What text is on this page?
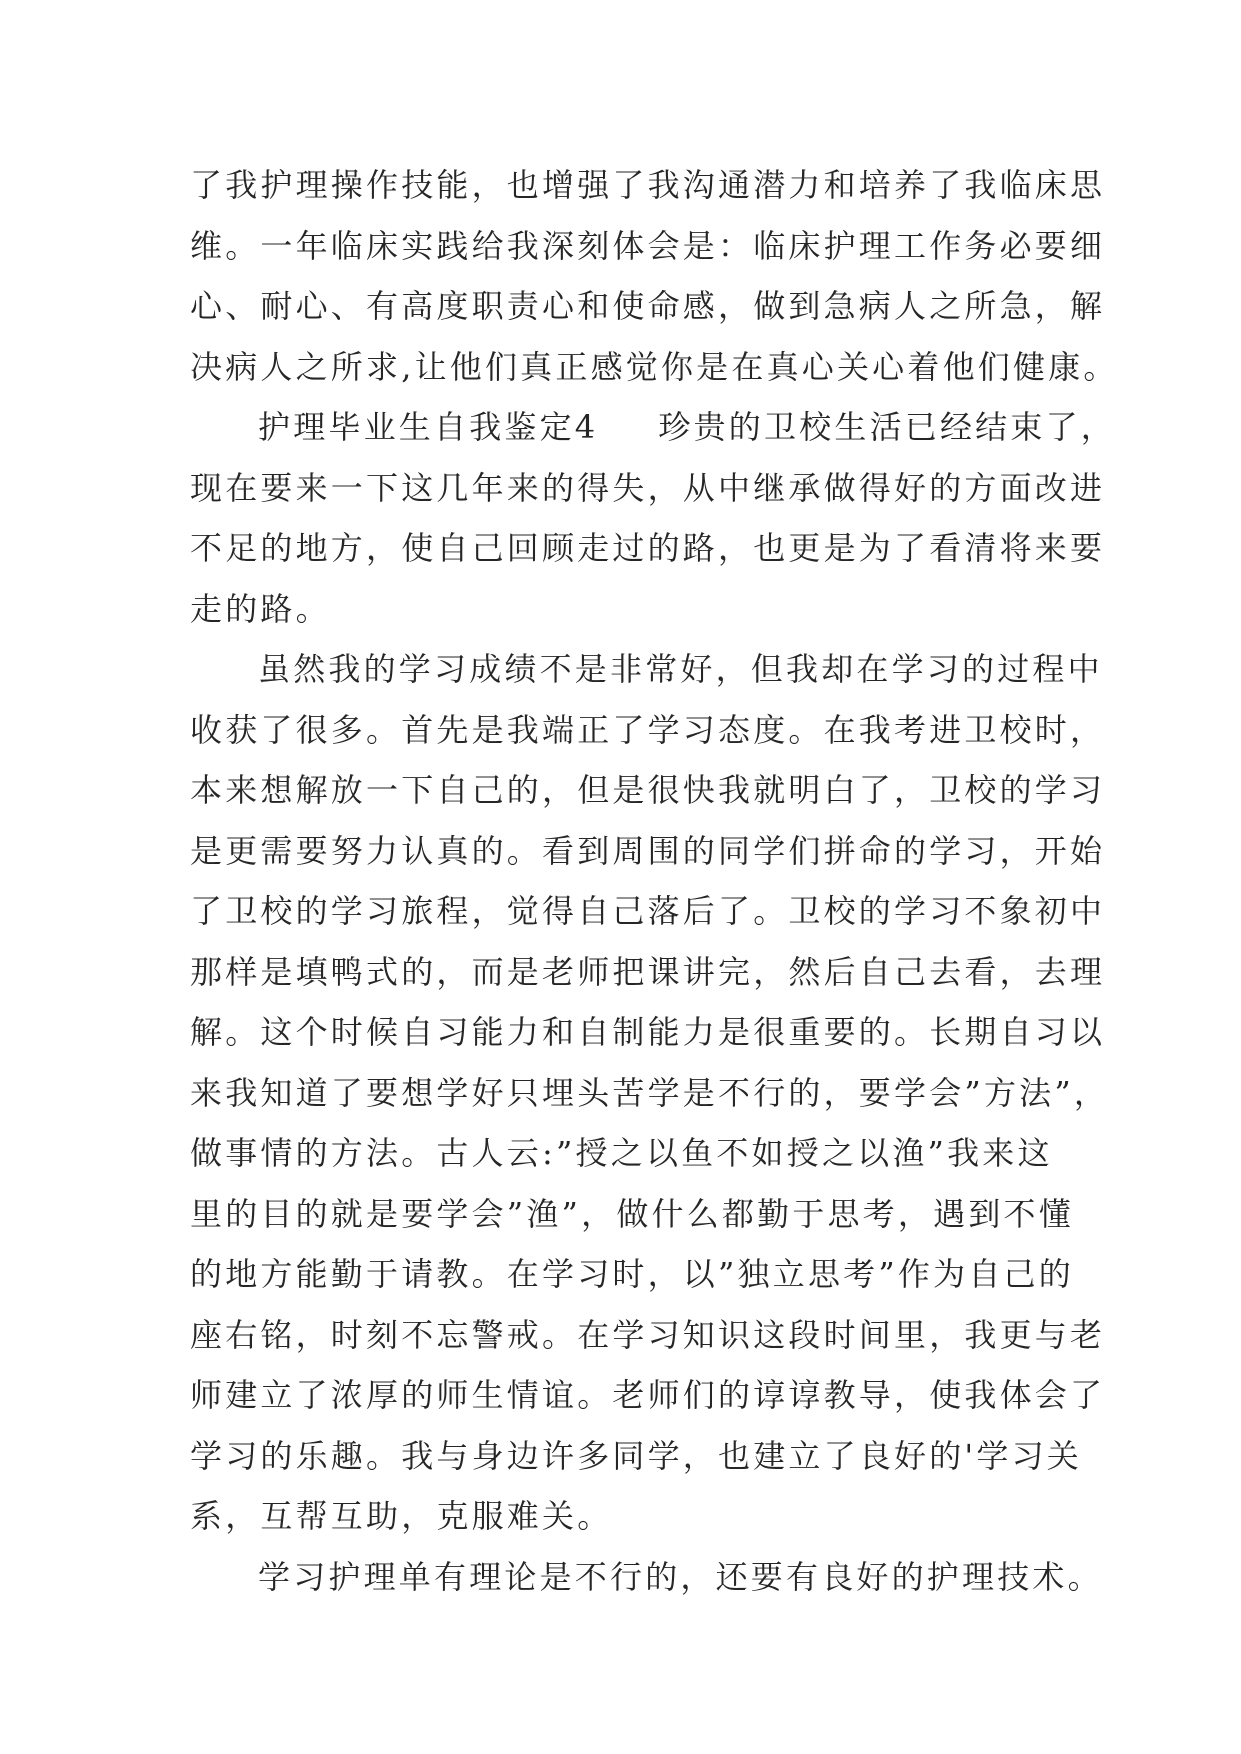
了我护理操作技能，也增强了我沟通潜力和培养了我临床思
维。一年临床实践给我深刻体会是：临床护理工作务必要细
心、耐心、有高度职责心和使命感，做到急病人之所急，解
决病人之所求,让他们真正感觉你是在真心关心着他们健康。
护理毕业生自我鉴定4 珍贵的卫校生活已经结束了，
现在要来一下这几年来的得失，从中继承做得好的方面改进
不足的地方，使自己回顾走过的路，也更是为了看清将来要
走的路。
虽然我的学习成绩不是非常好，但我却在学习的过程中
收获了很多。首先是我端正了学习态度。在我考进卫校时，
本来想解放一下自己的，但是很快我就明白了，卫校的学习
是更需要努力认真的。看到周围的同学们拼命的学习，开始
了卫校的学习旅程，觉得自己落后了。卫校的学习不象初中
那样是填鸭式的，而是老师把课讲完，然后自己去看，去理
解。这个时候自习能力和自制能力是很重要的。长期自习以
来我知道了要想学好只埋头苦学是不行的，要学会”方法”，
做事情的方法。古人云:”授之以鱼不如授之以渔”我来这
里的目的就是要学会”渔”，做什么都勤于思考，遇到不懂
的地方能勤于请教。在学习时，以”独立思考”作为自己的
座右铭，时刻不忘警戒。在学习知识这段时间里，我更与老
师建立了浓厚的师生情谊。老师们的谆谆教导，使我体会了
学习的乐趣。我与身边许多同学，也建立了良好的'学习关
系，互帮互助，克服难关。
学习护理单有理论是不行的，还要有良好的护理技术。
